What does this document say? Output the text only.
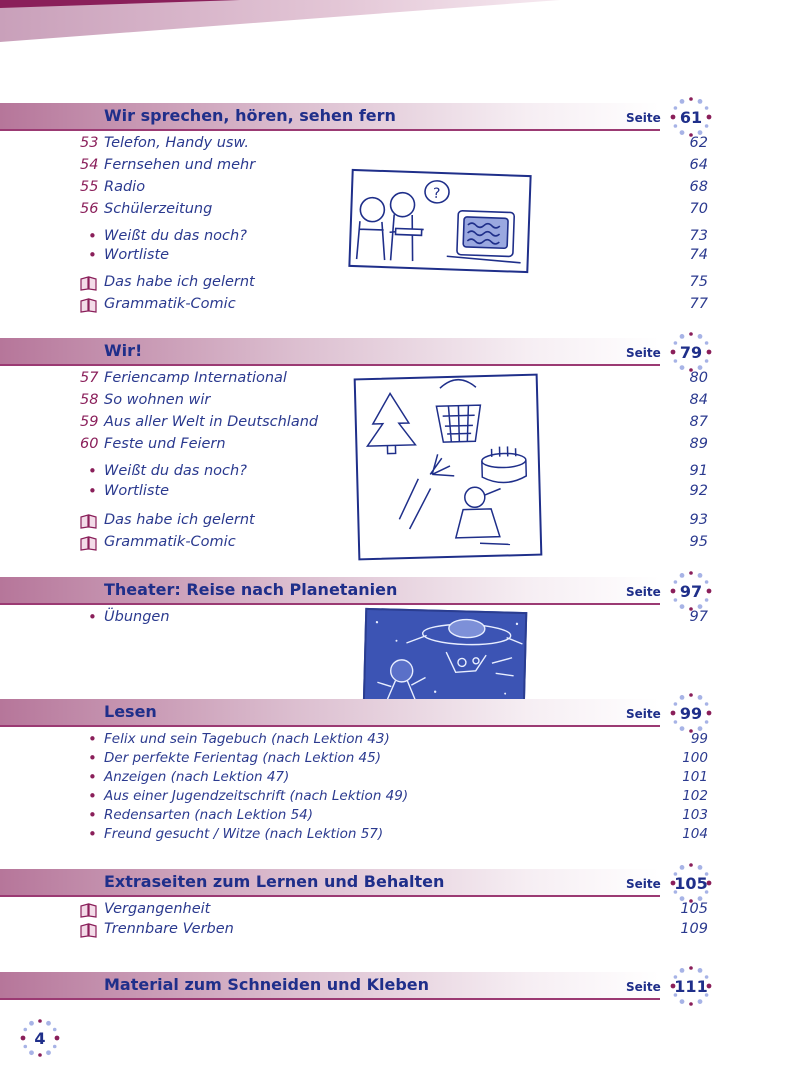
Wir sprechen, hören, sehen fern	Seite 61
53 Telefon, Handy usw.	62
54 Fernsehen und mehr	64
55 Radio	68
56 Schülerzeitung	70
• Weißt du das noch?	73
• Wortliste	74
Das habe ich gelernt	75
Grammatik-Comic	77
?
Wir!	Seite 79
57 Feriencamp International	80
58 So wohnen wir	84
59 Aus aller Welt in Deutschland	87
60 Feste und Feiern	89
• Weißt du das noch?	91
• Wortliste	92
Das habe ich gelernt	93
Grammatik-Comic	95
Theater: Reise nach Planetanien	Seite 97
• Übungen	97
Lesen	Seite 99
• Felix und sein Tagebuch (nach Lektion 43)	99
• Der perfekte Ferientag (nach Lektion 45)	100
• Anzeigen (nach Lektion 47)	101
• Aus einer Jugendzeitschrift (nach Lektion 49)	102
• Redensarten (nach Lektion 54)	103
• Freund gesucht / Witze (nach Lektion 57)	104
Extraseiten zum Lernen und Behalten	Seite 105
Vergangenheit	105
Trennbare Verben	109
Material zum Schneiden und Kleben	Seite 111
4
